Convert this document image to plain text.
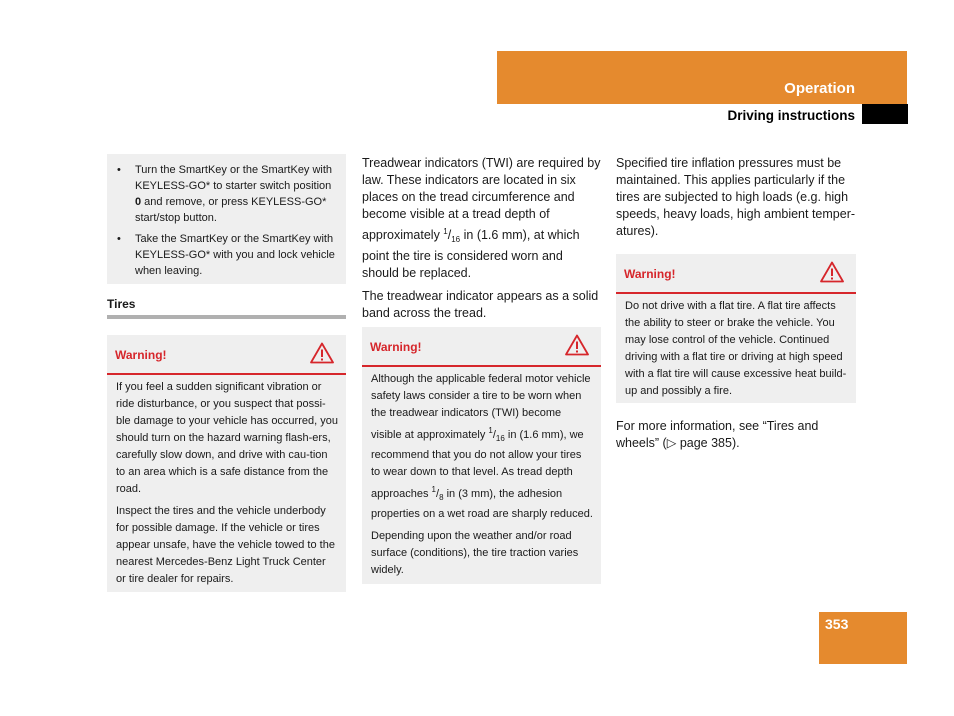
Operation
Driving instructions
• Turn the SmartKey or the SmartKey with KEYLESS-GO* to starter switch position 0 and remove, or press KEYLESS-GO* start/stop button.
• Take the SmartKey or the SmartKey with KEYLESS-GO* with you and lock vehicle when leaving.
Tires
Warning!

If you feel a sudden significant vibration or ride disturbance, or you suspect that possi-ble damage to your vehicle has occurred, you should turn on the hazard warning flash-ers, carefully slow down, and drive with cau-tion to an area which is a safe distance from the road.

Inspect the tires and the vehicle underbody for possible damage. If the vehicle or tires appear unsafe, have the vehicle towed to the nearest Mercedes-Benz Light Truck Center or tire dealer for repairs.

Treadwear indicators (TWI) are required by law. These indicators are located in six places on the tread circumference and become visible at a tread depth of approximately $^1/_{16}$ in (1.6 mm), at which point the tire is considered worn and should be replaced.

The treadwear indicator appears as a solid band across the tread.

Warning!

Although the applicable federal motor vehicle safety laws consider a tire to be worn when the treadwear indicators (TWI) become visible at approximately $^1/_{16}$ in (1.6 mm), we recommend that you do not allow your tires to wear down to that level. As tread depth approaches $^1/_8$ in (3 mm), the adhesion properties on a wet road are sharply reduced.

Depending upon the weather and/or road surface (conditions), the tire traction varies widely.

Specified tire inflation pressures must be maintained. This applies particularly if the tires are subjected to high loads (e.g. high speeds, heavy loads, high ambient temper-atures).

Warning!

Do not drive with a flat tire. A flat tire affects the ability to steer or brake the vehicle. You may lose control of the vehicle. Continued driving with a flat tire or driving at high speed with a flat tire will cause excessive heat build-up and possibly a fire.

For more information, see “Tires and wheels” (▷ page 385).

353
